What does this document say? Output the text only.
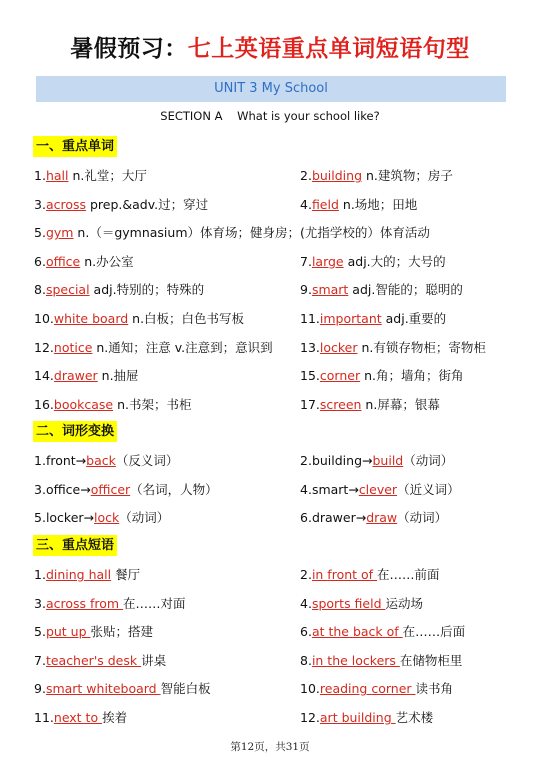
暑假预习：七上英语重点单词短语句型
UNIT 3 My School
SECTION A    What is your school like?
一、重点单词
1.hall n.礼堂；大厅	2.building n.建筑物；房子
3.across prep.&adv.过；穿过	4.field n.场地；田地
5.gym n.（＝gymnasium）体育场；健身房；(尤指学校的）体育活动
6.office n.办公室	7.large adj.大的；大号的
8.special adj.特别的；特殊的	9.smart adj.智能的；聪明的
10.white board n.白板；白色书写板	11.important adj.重要的
12.notice n.通知；注意 v.注意到；意识到 13.locker n.有锁存物柜；寄物柜
14.drawer n.抽屉	15.corner n.角；墙角；街角
16.bookcase n.书架；书柜	17.screen n.屏幕；银幕
二、词形变换
1.front→back（反义词）	2.building→build（动词）
3.office→officer（名词，人物）	4.smart→clever（近义词）
5.locker→lock（动词）	6.drawer→draw（动词）
三、重点短语
1.dining hall 餐厅	2.in front of 在……前面
3.across from 在……对面	4.sports field 运动场
5.put up 张贴；搭建	6.at the back of 在……后面
7.teacher's desk 讲桌	8.in the lockers 在储物柜里
9.smart whiteboard 智能白板	10.reading corner 读书角
11.next to 挨着	12.art building 艺术楼
第12页，共31页
